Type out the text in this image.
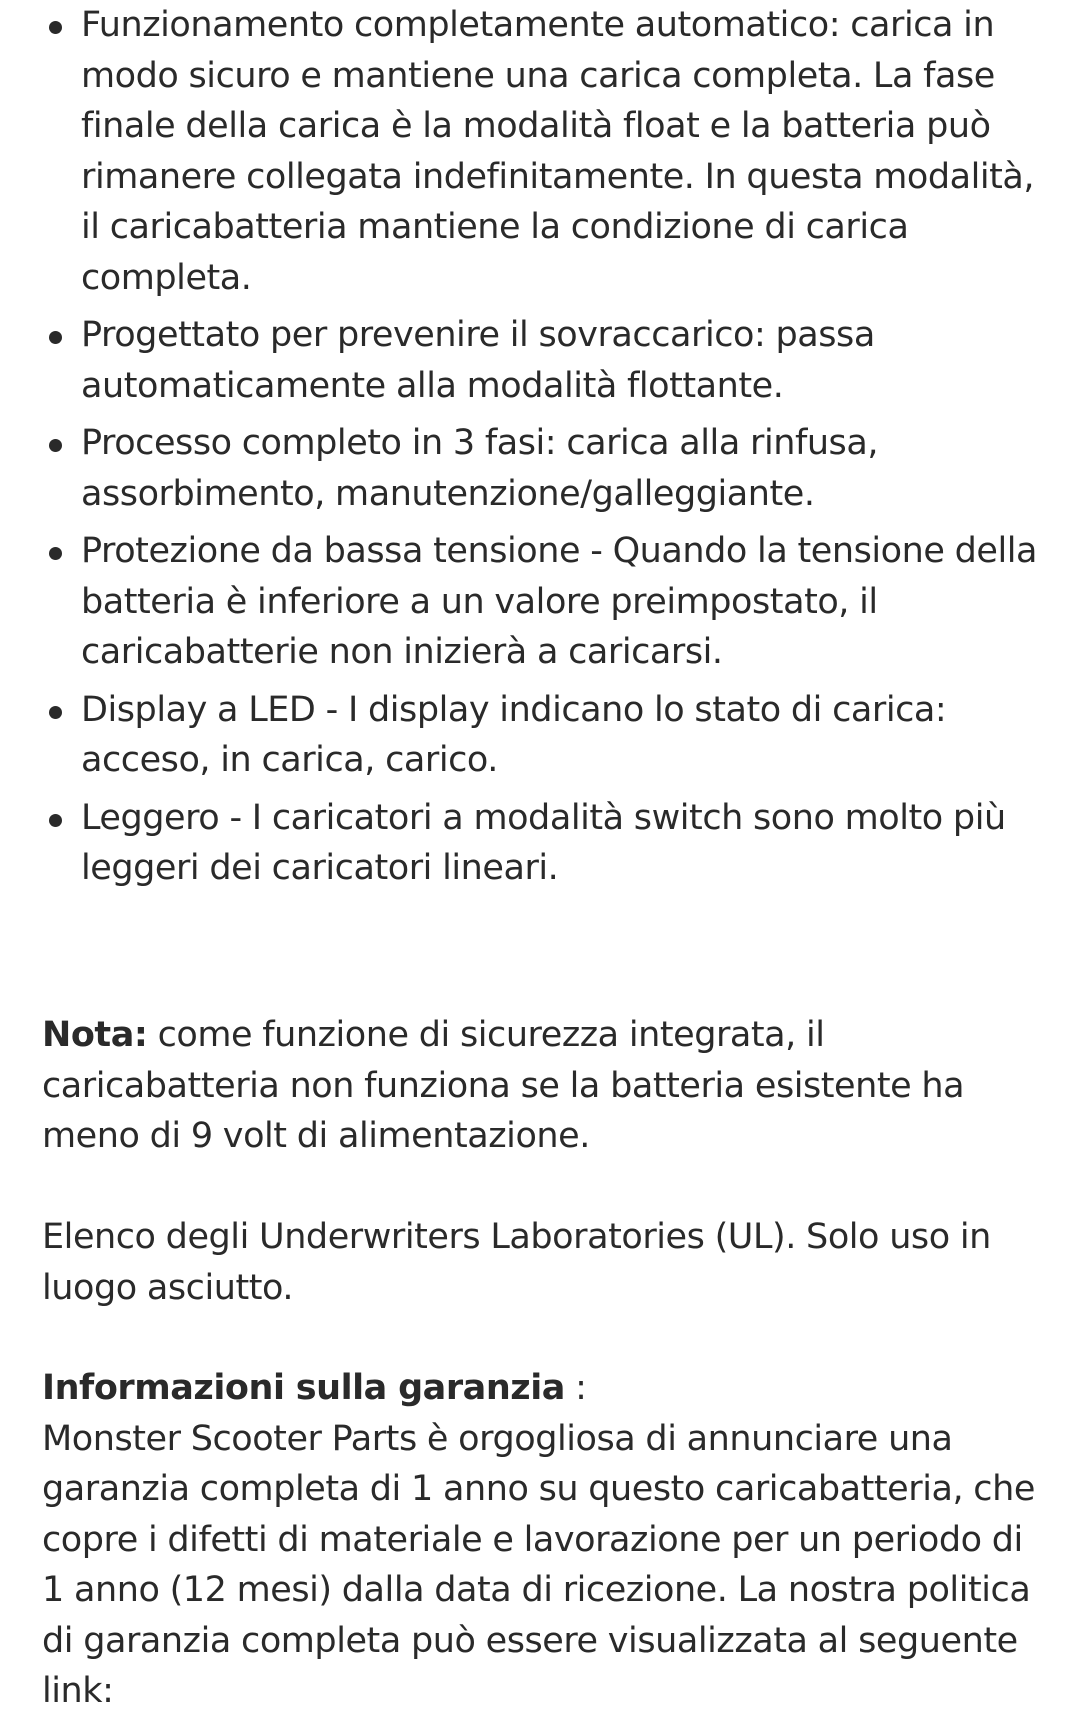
Funzionamento completamente automatico: carica in modo sicuro e mantiene una carica completa. La fase finale della carica è la modalità float e la batteria può rimanere collegata indefinitamente. In questa modalità, il caricabatteria mantiene la condizione di carica completa.
Progettato per prevenire il sovraccarico: passa automaticamente alla modalità flottante.
Processo completo in 3 fasi: carica alla rinfusa, assorbimento, manutenzione/galleggiante.
Protezione da bassa tensione - Quando la tensione della batteria è inferiore a un valore preimpostato, il caricabatterie non inizierà a caricarsi.
Display a LED - I display indicano lo stato di carica: acceso, in carica, carico.
Leggero - I caricatori a modalità switch sono molto più leggeri dei caricatori lineari.

Nota: come funzione di sicurezza integrata, il caricabatteria non funziona se la batteria esistente ha meno di 9 volt di alimentazione.

Elenco degli Underwriters Laboratories (UL). Solo uso in luogo asciutto.

Informazioni sulla garanzia :
Monster Scooter Parts è orgogliosa di annunciare una garanzia completa di 1 anno su questo caricabatteria, che copre i difetti di materiale e lavorazione per un periodo di 1 anno (12 mesi) dalla data di ricezione. La nostra politica di garanzia completa può essere visualizzata al seguente link:
